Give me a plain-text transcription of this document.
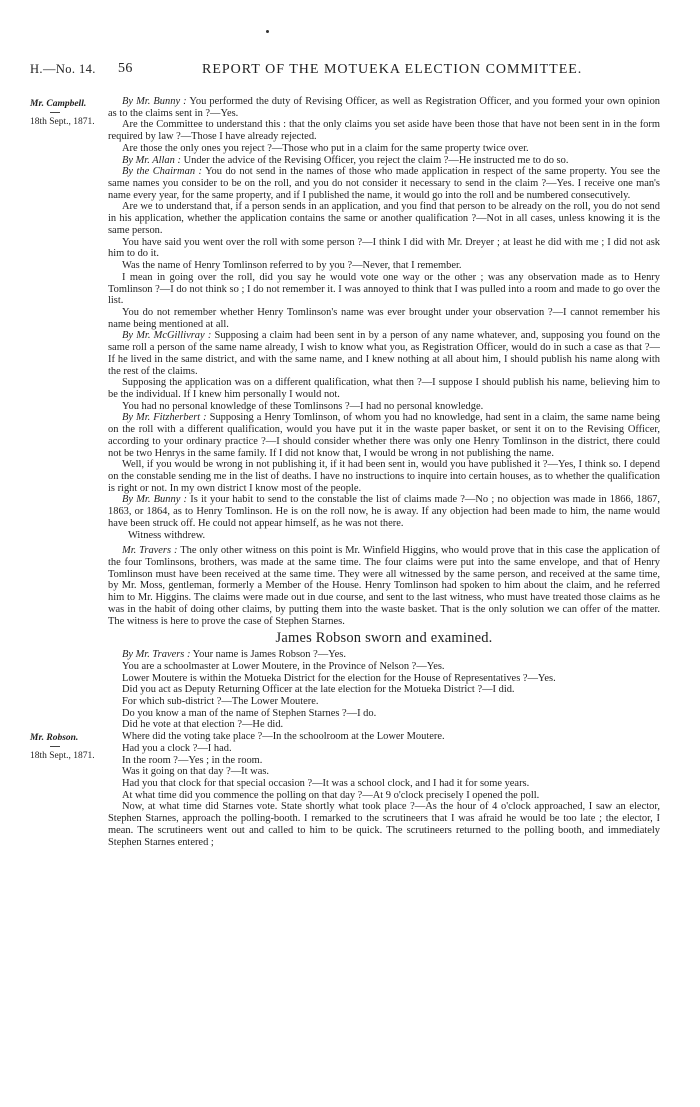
H.—No. 14. 56	REPORT OF THE MOTUEKA ELECTION COMMITTEE.
Mr. Campbell.
18th Sept., 1871.
Mr. Robson.
18th Sept., 1871.

By Mr. Bunny : You performed the duty of Revising Officer, as well as Registration Officer, and you formed your own opinion as to the claims sent in ?—Yes.

Are the Committee to understand this : that the only claims you set aside have been those that have not been sent in in the form required by law ?—Those I have already rejected.

Are those the only ones you reject ?—Those who put in a claim for the same property twice over.

By Mr. Allan : Under the advice of the Revising Officer, you reject the claim ?—He instructed me to do so.

By the Chairman : You do not send in the names of those who made application in respect of the same property. You see the same names you consider to be on the roll, and you do not consider it necessary to send in the claim ?—Yes. I receive one man's name every year, for the same property, and if I published the name, it would go into the roll and be numbered consecutively.

Are we to understand that, if a person sends in an application, and you find that person to be already on the roll, you do not send in his application, whether the application contains the same or another qualification ?—Not in all cases, unless knowing it is the same person.

You have said you went over the roll with some person ?—I think I did with Mr. Dreyer ; at least he did with me ; I did not ask him to do it.

Was the name of Henry Tomlinson referred to by you ?—Never, that I remember.

I mean in going over the roll, did you say he would vote one way or the other ; was any observation made as to Henry Tomlinson ?—I do not think so ; I do not remember it. I was annoyed to think that I was pulled into a room and made to go over the list.

You do not remember whether Henry Tomlinson's name was ever brought under your observation ?—I cannot remember his name being mentioned at all.

By Mr. McGillivray : Supposing a claim had been sent in by a person of any name whatever, and, supposing you found on the same roll a person of the same name already, I wish to know what you, as Registration Officer, would do in such a case as that ?—If he lived in the same district, and with the same name, and I knew nothing at all about him, I should publish his name along with the rest of the claims.

Supposing the application was on a different qualification, what then ?—I suppose I should publish his name, believing him to be the individual. If I knew him personally I would not.

You had no personal knowledge of these Tomlinsons ?—I had no personal knowledge.

By Mr. Fitzherbert : Supposing a Henry Tomlinson, of whom you had no knowledge, had sent in a claim, the same name being on the roll with a different qualification, would you have put it in the waste paper basket, or sent it on to the Revising Officer, according to your ordinary practice ?—I should consider whether there was only one Henry Tomlinson in the district, there could not be two Henrys in the same family. If I did not know that, I would be wrong in not publishing the name.

Well, if you would be wrong in not publishing it, if it had been sent in, would you have published it ?—Yes, I think so. I depend on the constable sending me in the list of deaths. I have no instructions to inquire into certain houses, as to whether the qualification is right or not. In my own district I know most of the people.

By Mr. Bunny : Is it your habit to send to the constable the list of claims made ?—No ; no objection was made in 1866, 1867, 1863, or 1864, as to Henry Tomlinson. He is on the roll now, he is away. If any objection had been made to him, the name would have been struck off. He could not appear himself, as he was not there.

Witness withdrew.

Mr. Travers : The only other witness on this point is Mr. Winfield Higgins, who would prove that in this case the application of the four Tomlinsons, brothers, was made at the same time. The four claims were put into the same envelope, and that of Henry Tomlinson must have been received at the same time. They were all witnessed by the same person, and received at the same time, by Mr. Moss, gentleman, formerly a Member of the House. Henry Tomlinson had spoken to him about the claim, and he referred him to Mr. Higgins. The claims were made out in due course, and sent to the last witness, who must have treated those claims as he was in the habit of doing other claims, by putting them into the waste basket. That is the only solution we can offer of the matter. The witness is here to prove the case of Stephen Starnes.

James Robson sworn and examined.

By Mr. Travers : Your name is James Robson ?—Yes.

You are a schoolmaster at Lower Moutere, in the Province of Nelson ?—Yes.

Lower Moutere is within the Motueka District for the election for the House of Representatives ?—Yes.

Did you act as Deputy Returning Officer at the late election for the Motueka District ?—I did.

For which sub-district ?—The Lower Moutere.

Do you know a man of the name of Stephen Starnes ?—I do.

Did he vote at that election ?—He did.

Where did the voting take place ?—In the schoolroom at the Lower Moutere.

Had you a clock ?—I had.

In the room ?—Yes ; in the room.

Was it going on that day ?—It was.

Had you that clock for that special occasion ?—It was a school clock, and I had it for some years.

At what time did you commence the polling on that day ?—At 9 o'clock precisely I opened the poll.

Now, at what time did Starnes vote. State shortly what took place ?—As the hour of 4 o'clock approached, I saw an elector, Stephen Starnes, approach the polling-booth. I remarked to the scrutineers that I was afraid he would be too late ; the elector, I mean. The scrutineers went out and called to him to be quick. The scrutineers returned to the polling booth, and immediately Stephen Starnes entered ;
